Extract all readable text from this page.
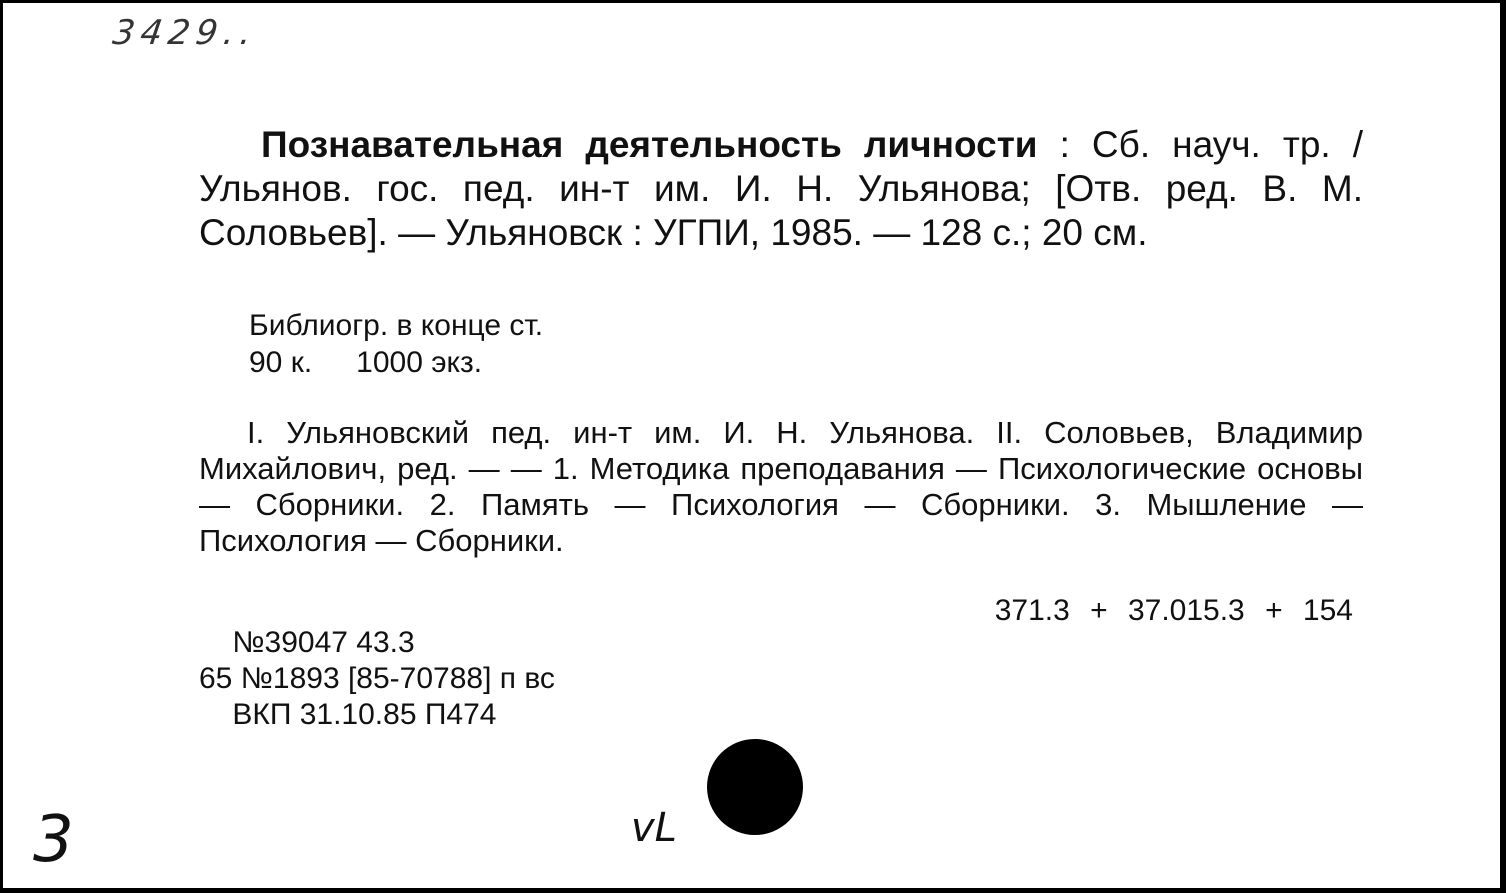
3429..
Познавательная деятельность личности : Сб. науч. тр. / Ульянов. гос. пед. ин-т им. И. Н. Ульянова; [Отв. ред. В. М. Соловьев]. — Ульяновск : УГПИ, 1985. — 128 с.; 20 см.
Библиогр. в конце ст.
90 к. 1000 экз.
I. Ульяновский пед. ин-т им. И. Н. Ульянова. II. Соловьев, Владимир Михайлович, ред. — — 1. Методика преподавания — Психологические основы — Сборники. 2. Память — Психология — Сборники. 3. Мышление — Психология — Сборники.
371.3 + 37.015.3 + 154
№39047 43.3
65 №1893 [85-70788] п вс
ВКП 31.10.85 П474
vL
3
